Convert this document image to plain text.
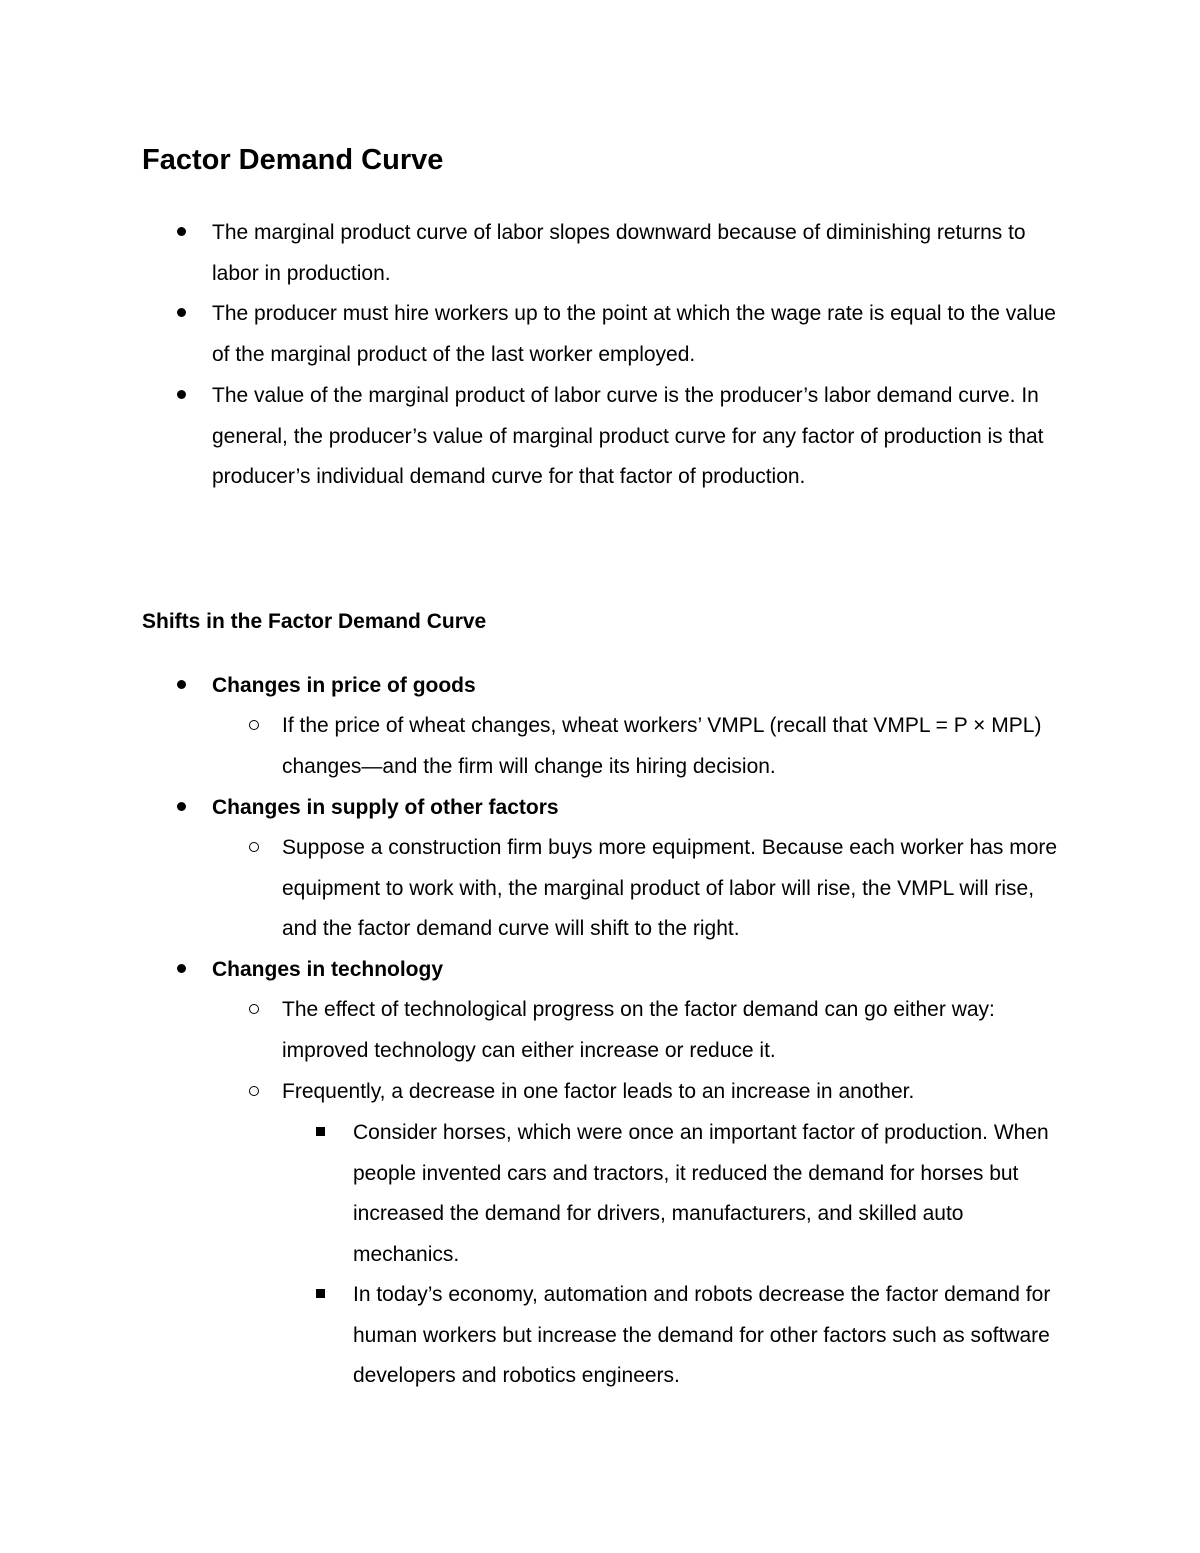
Factor Demand Curve
The marginal product curve of labor slopes downward because of diminishing returns to labor in production.
The producer must hire workers up to the point at which the wage rate is equal to the value of the marginal product of the last worker employed.
The value of the marginal product of labor curve is the producer’s labor demand curve. In general, the producer’s value of marginal product curve for any factor of production is that producer’s individual demand curve for that factor of production.
Shifts in the Factor Demand Curve
Changes in price of goods
If the price of wheat changes, wheat workers’ VMPL (recall that VMPL = P × MPL) changes—and the firm will change its hiring decision.
Changes in supply of other factors
Suppose a construction firm buys more equipment. Because each worker has more equipment to work with, the marginal product of labor will rise, the VMPL will rise, and the factor demand curve will shift to the right.
Changes in technology
The effect of technological progress on the factor demand can go either way: improved technology can either increase or reduce it.
Frequently, a decrease in one factor leads to an increase in another.
Consider horses, which were once an important factor of production. When people invented cars and tractors, it reduced the demand for horses but increased the demand for drivers, manufacturers, and skilled auto mechanics.
In today’s economy, automation and robots decrease the factor demand for human workers but increase the demand for other factors such as software developers and robotics engineers.
